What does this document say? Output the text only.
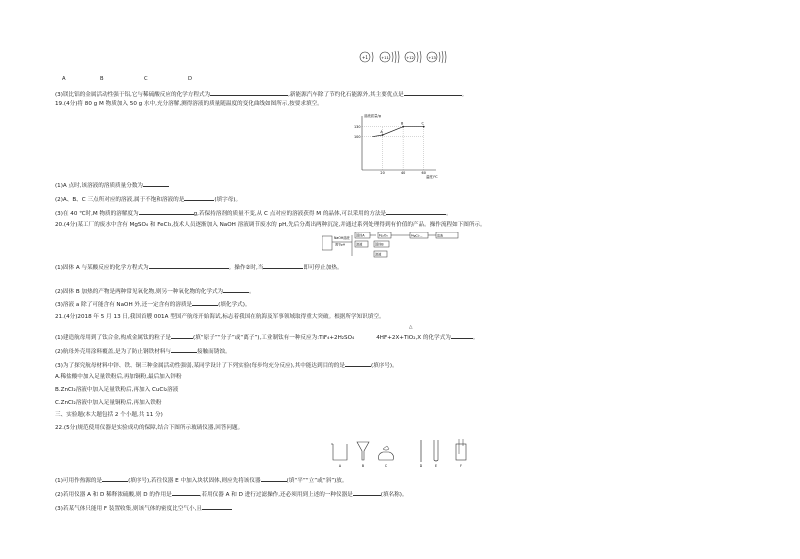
+1	+11	+12	+13
A	B	C	D
(3)镁比铝的金属活动性强于铝,它与稀硫酸反应的化学方程式为	,新能源汽车除了节约化石能源外,其主要优点是	。
19.(4分)将 80 g M 物质加入 50 g 水中,充分溶解,测得溶液的质量随温度的变化曲线如图所示,按要求填空。
溶液质量/g
温度/℃
20	40	60
100
130
A
B	C
(1)A 点时,该溶液的溶质质量分数为
(2)A、B、C 三点所对应的溶液,属于不饱和溶液的是	(填字母)。
(3)在 40 ℃时,M 物质的溶解度为	g,若保持溶剂的质量不变,从 C 点对应的溶液获得 M 的晶体,可以采用的方法是	。
20.(4分)某工厂的废水中含有 MgSO₄ 和 FeCl₃,技术人员逐渐加入 NaOH 溶液调节废水的 pH,先后分离出两种沉淀,并通过系列处理得到有价值的产品。操作流程如下图所示。
NaOH溶液
调节pH
固体A
溶液	固体B
溶液
Fe₂O₃	MgCl₂...	溶液
(1)固体 A 与某酸反应的化学方程式为	。操作②时,当	即可停止加热。
(2)固体 B 加热的产物是两种常见氧化物,则另一种氧化物的化学式为	。
(3)溶液 a 除了可能含有 NaOH 外,还一定含有的溶质是	(填化学式)。
21.(4分)2018 年 5 月 13 日,我国首艘 001A 型国产航母开始海试,标志着我国在航海及军事领域取得重大突破。根据所学知识填空。
△
(1)建造航母用到了钛合金,构成金属钛的粒子是	(填“原子”“分子”或“离子”),工业制钛有一种反应为:TiF₄+2H₂SO₄	4HF+2X+TiO₂,X 的化学式为	。
(2)航母外壳用涂料覆盖,是为了防止钢铁材料与	接触而锈蚀。
(3)为了探究航母材料中锌、铁、铜三种金属活动性强弱,某同学设计了下列实验(每步均充分反应),其中能达到目的的是	(填序号)。
A.稀盐酸中加入足量铁粉后,再加铜粉,最后加入锌粉
B.ZnCl₂溶液中加入足量铁粉后,再加入 CuCl₂溶液
C.ZnCl₂溶液中加入足量铜粉后,再加入铁粉
三、实验题(本大题包括 2 个小题,共 11 分)
22.(5分)规范使用仪器是实验成功的保障,结合下图所示玻璃仪器,回答问题。
A	B	C	D	E	F
(1)可用作热源的是	(填序号),若往仪器 E 中加入块状固体,则应先将该仪器	(填“平”“立”或“斜”)放。
(2)若用仪器 A 和 D 稀释浓硫酸,则 D 的作用是	,若用仪器 A 和 D 进行过滤操作,还必须用到上述的一种仪器是	(填名称)。
(3)若某气体只能用 F 装置收集,则该气体的密度比空气小,且
